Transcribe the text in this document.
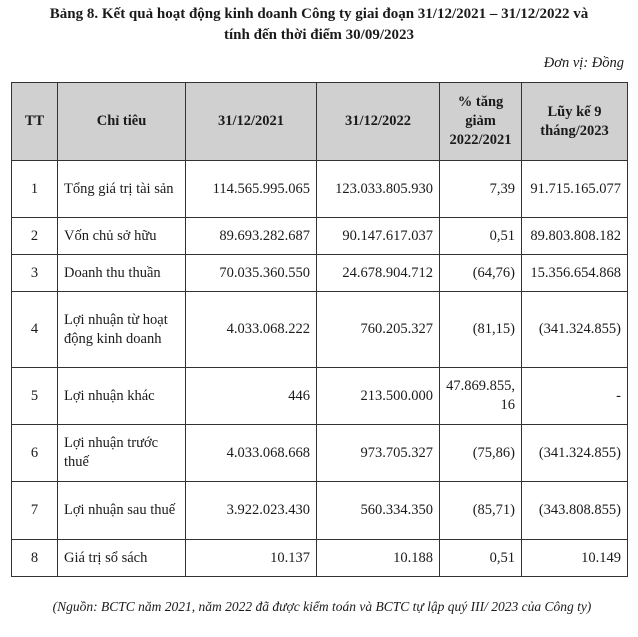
Bảng 8. Kết quả hoạt động kinh doanh Công ty giai đoạn 31/12/2021 – 31/12/2022 và
tính đến thời điểm 30/09/2023
Đơn vị: Đồng
TT	Chỉ tiêu	31/12/2021	31/12/2022	% tăng giảm 2022/2021	Lũy kế 9 tháng/2023
1	Tổng giá trị tài sản	114.565.995.065	123.033.805.930	7,39	91.715.165.077
2	Vốn chủ sở hữu	89.693.282.687	90.147.617.037	0,51	89.803.808.182
3	Doanh thu thuần	70.035.360.550	24.678.904.712	(64,76)	15.356.654.868
4	Lợi nhuận từ hoạt động kinh doanh	4.033.068.222	760.205.327	(81,15)	(341.324.855)
5	Lợi nhuận khác	446	213.500.000	47.869.855,16	-
6	Lợi nhuận trước thuế	4.033.068.668	973.705.327	(75,86)	(341.324.855)
7	Lợi nhuận sau thuế	3.922.023.430	560.334.350	(85,71)	(343.808.855)
8	Giá trị sổ sách	10.137	10.188	0,51	10.149
(Nguồn: BCTC năm 2021, năm 2022 đã được kiểm toán và BCTC tự lập quý III/ 2023 của Công ty)
